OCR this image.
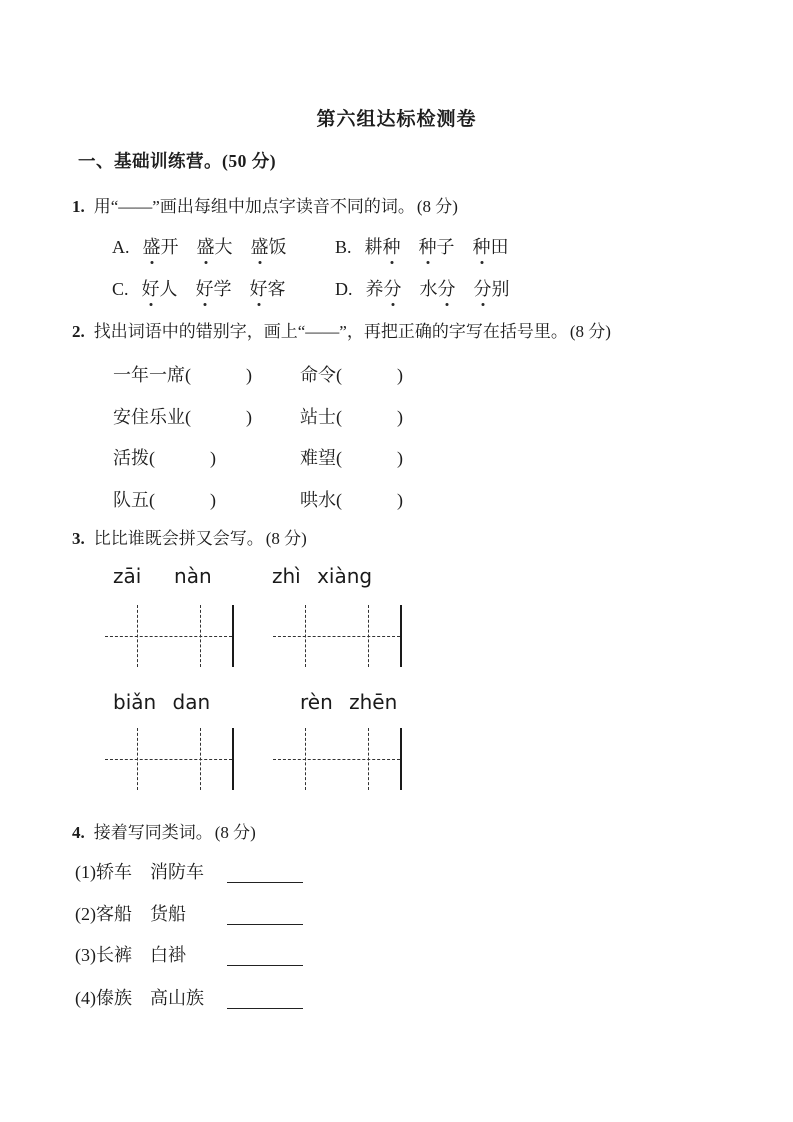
第六组达标检测卷
一、基础训练营。(50 分)
1. 用“——”画出每组中加点字读音不同的词。 (8 分)
A. 盛开 盛大 盛饭	B. 耕种 种子 种田
C. 好人 好学 好客	D. 养分 水分 分别
2. 找出词语中的错别字，画上“——”，再把正确的字写在括号里。 (8 分)
一年一席(	)	命令(	)
安住乐业(	)	站士(	)
活拨(	)	难望(	)
队五(	)	哄水(	)
3. 比比谁既会拼又会写。 (8 分)
zāi  nàn	zhì xiàng
biǎn dan	rèn zhēn
4. 接着写同类词。 (8 分)
(1)轿车 消防车
(2)客船 货船
(3)长裤 白褂
(4)傣族 高山族
